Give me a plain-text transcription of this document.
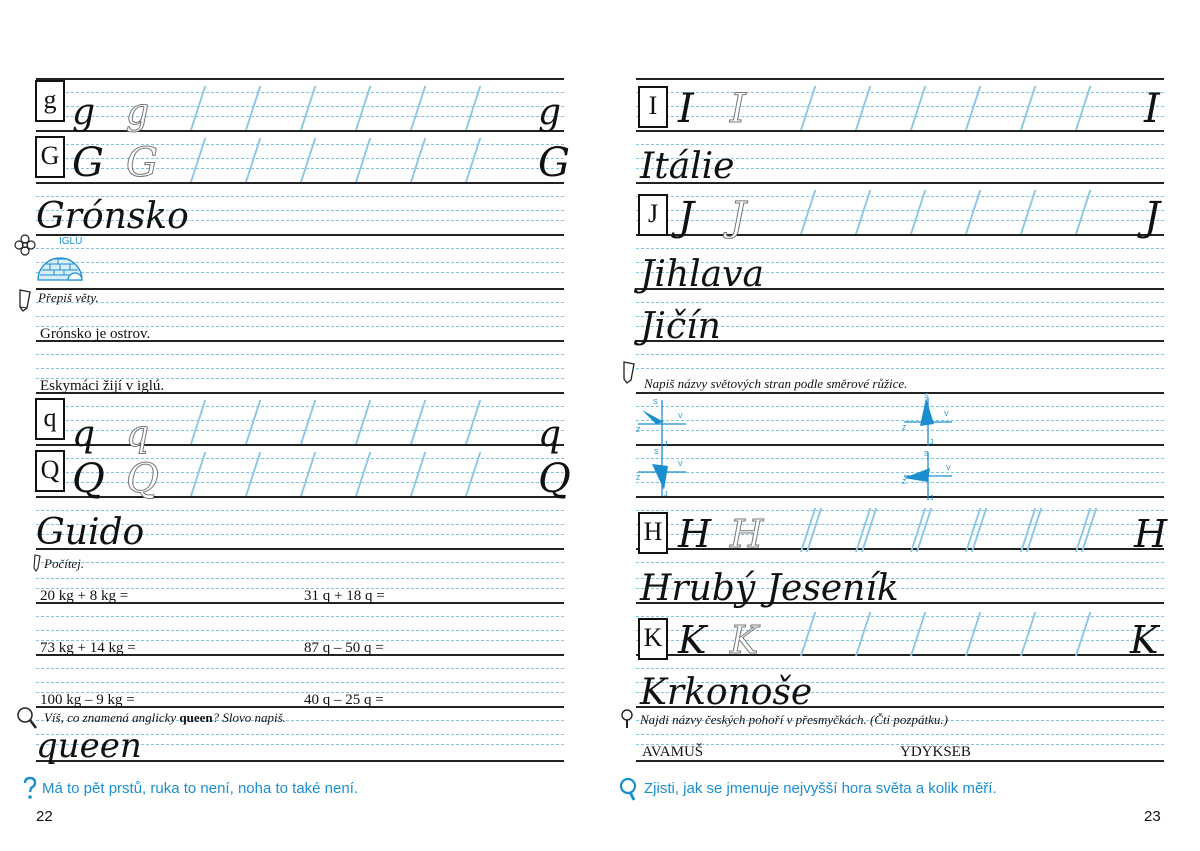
g g g	g
G G G	G
Grónsko
IGLÚ
Přepiš věty.
Grónsko je ostrov.
Eskymáci žijí v iglú.
q q q	q
Q Q Q	Q
Guido
Počítej.
20 kg + 8 kg =	31 q + 18 q =
73 kg + 14 kg =	87 q – 50 q =
100 kg – 9 kg =	40 q – 25 q =
Víš, co znamená anglicky queen? Slovo napiš.
queen
Má to pět prstů, ruka to není, noha to také není.
22
I I I	I
Itálie
J J J	J
Jihlava
Jičín
Napiš názvy světových stran podle směrové růžice.
S
V
Z
J
S
V
Z
J
S
V
Z
J
S
V
Z
J
H H H	H
Hrubý Jeseník
K K K	K
Krkonoše
Najdi názvy českých pohoří v přesmyčkách. (Čti pozpátku.)
AVAMUŠ	YDYKSEB
Zjisti, jak se jmenuje nejvyšší hora světa a kolik měří.
23
